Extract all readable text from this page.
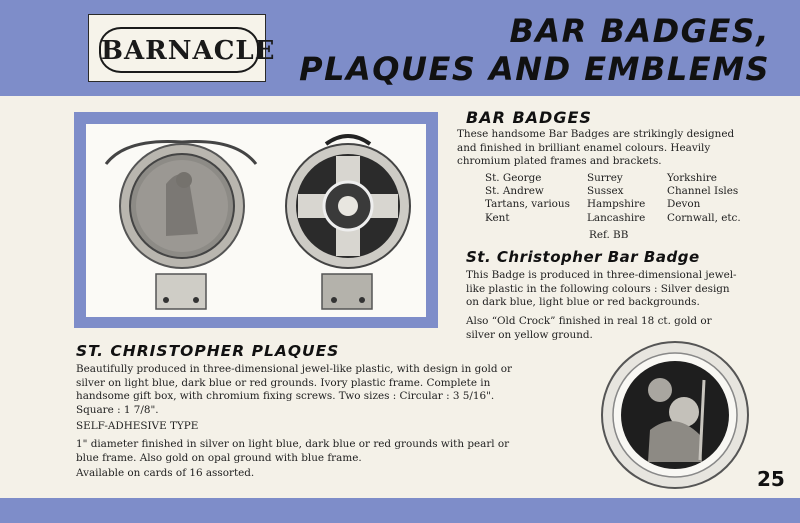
BARNACLE
BAR BADGES,
PLAQUES AND EMBLEMS
BAR BADGES
These handsome Bar Badges are strikingly designed
and finished in brilliant enamel colours. Heavily
chromium plated frames and brackets.
St. George
St. Andrew
Tartans, various
Kent
Surrey
Sussex
Hampshire
Lancashire
Yorkshire
Channel Isles
Devon
Cornwall, etc.
Ref. BB
St. Christopher Bar Badge
This Badge is produced in three-dimensional jewel-
like plastic in the following colours : Silver design
on dark blue, light blue or red backgrounds.
Also “Old Crock” finished in real 18 ct. gold or
silver on yellow ground.
ST. CHRISTOPHER PLAQUES
Beautifully produced in three-dimensional jewel-like plastic, with design in gold or
silver on light blue, dark blue or red grounds. Ivory plastic frame. Complete in
handsome gift box, with chromium fixing screws. Two sizes : Circular : 3 5/16".
Square : 1 7/8".
SELF-ADHESIVE TYPE
1" diameter finished in silver on light blue, dark blue or red grounds with pearl or
blue frame. Also gold on opal ground with blue frame.
Available on cards of 16 assorted.	25
